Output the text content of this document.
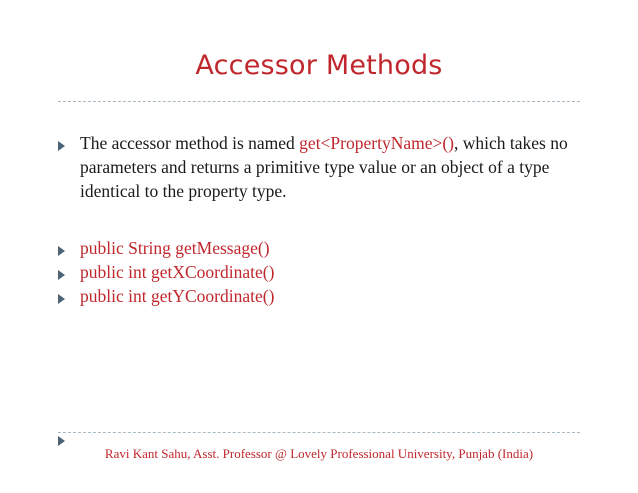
Accessor Methods
The accessor method is named get<PropertyName>(), which takes no parameters and returns a primitive type value or an object of a type identical to the property type.
public String getMessage()
public int getXCoordinate()
public int getYCoordinate()
Ravi Kant Sahu, Asst. Professor @ Lovely Professional University, Punjab (India)
